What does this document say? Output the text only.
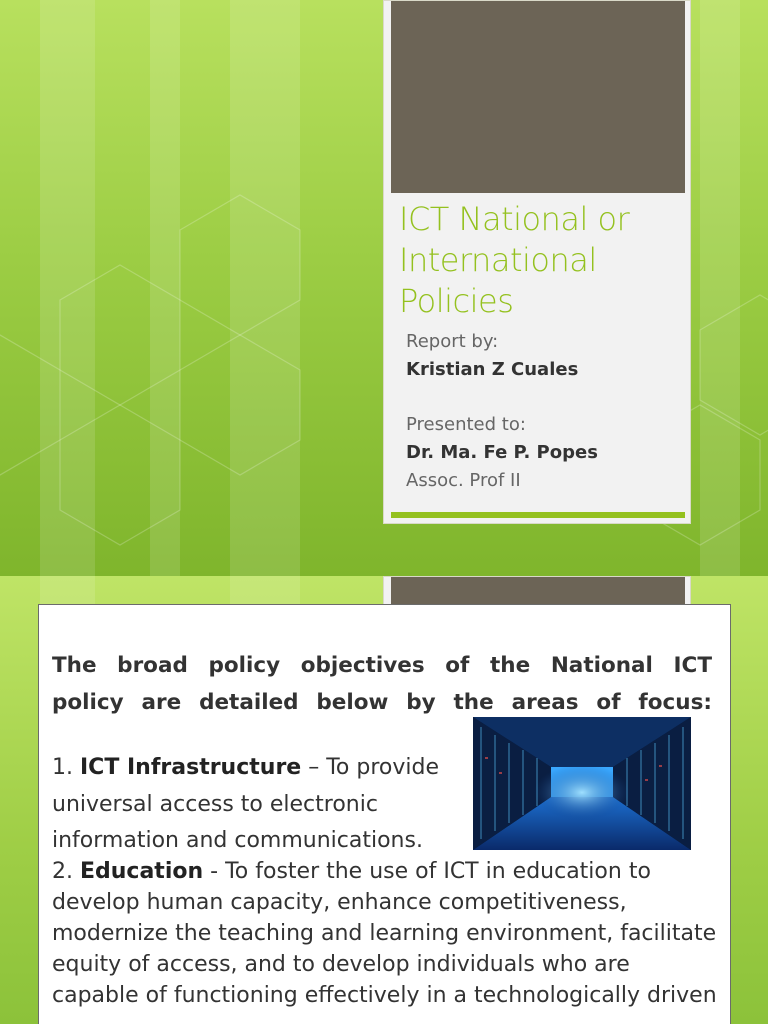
ICT National or International Policies
Report by:
Kristian Z Cuales
Presented to:
Dr. Ma. Fe P. Popes
Assoc. Prof II
The broad policy objectives of the National ICT
policy are detailed below by the areas of focus:
1. ICT Infrastructure – To provide universal access to electronic information and communications.
2. Education - To foster the use of ICT in education to develop human capacity, enhance competitiveness, modernize the teaching and learning environment, facilitate equity of access, and to develop individuals who are capable of functioning effectively in a technologically driven
